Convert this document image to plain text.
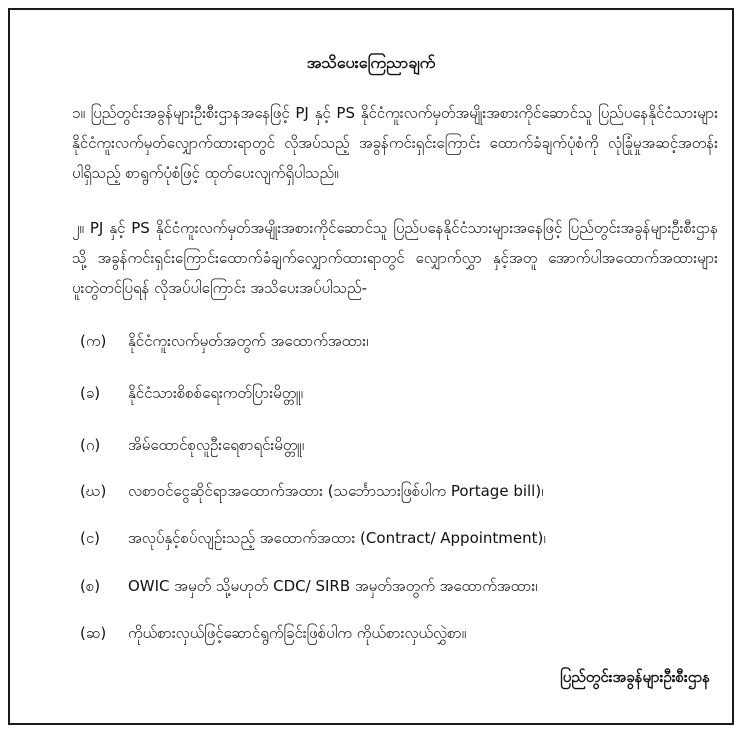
အသိပေးကြေညာချက်
၁။ ပြည်တွင်းအခွန်များဦးစီးဌာနအနေဖြင့် PJ နှင့် PS နိုင်ငံကူးလက်မှတ်အမျိုးအစားကိုင်ဆောင်သူ ပြည်ပနေနိုင်ငံသားများ နိုင်ငံကူးလက်မှတ်လျှောက်ထားရာတွင် လိုအပ်သည့် အခွန်ကင်းရှင်းကြောင်း ထောက်ခံချက်ပုံစံကို လုံခြုံမှုအဆင့်အတန်းပါရှိသည့် စာရွက်ပုံစံဖြင့် ထုတ်ပေးလျက်ရှိပါသည်။
၂။ PJ နှင့် PS နိုင်ငံကူးလက်မှတ်အမျိုးအစားကိုင်ဆောင်သူ ပြည်ပနေနိုင်ငံသားများအနေဖြင့် ပြည်တွင်းအခွန်များဦးစီးဌာနသို့ အခွန်ကင်းရှင်းကြောင်းထောက်ခံချက်လျှောက်ထားရာတွင် လျှောက်လွှာ နှင့်အတူ အောက်ပါအထောက်အထားများ ပူးတွဲတင်ပြရန် လိုအပ်ပါကြောင်း အသိပေးအပ်ပါသည်-
(က) နိုင်ငံကူးလက်မှတ်အတွက် အထောက်အထား၊
(ခ) နိုင်ငံသားစိစစ်ရေးကတ်ပြားမိတ္တူ၊
(ဂ) အိမ်ထောင်စုလူဦးရေစာရင်းမိတ္တူ၊
(ဃ) လစာဝင်ငွေဆိုင်ရာအထောက်အထား (သင်္ဘောသားဖြစ်ပါက Portage bill)၊
(င) အလုပ်နှင့်စပ်လျဉ်းသည့် အထောက်အထား (Contract/ Appointment)၊
(စ) OWIC အမှတ် သို့မဟုတ် CDC/ SIRB အမှတ်အတွက် အထောက်အထား၊
(ဆ) ကိုယ်စားလှယ်ဖြင့်ဆောင်ရွက်ခြင်းဖြစ်ပါက ကိုယ်စားလှယ်လွှဲစာ။
ပြည်တွင်းအခွန်များဦးစီးဌာန
